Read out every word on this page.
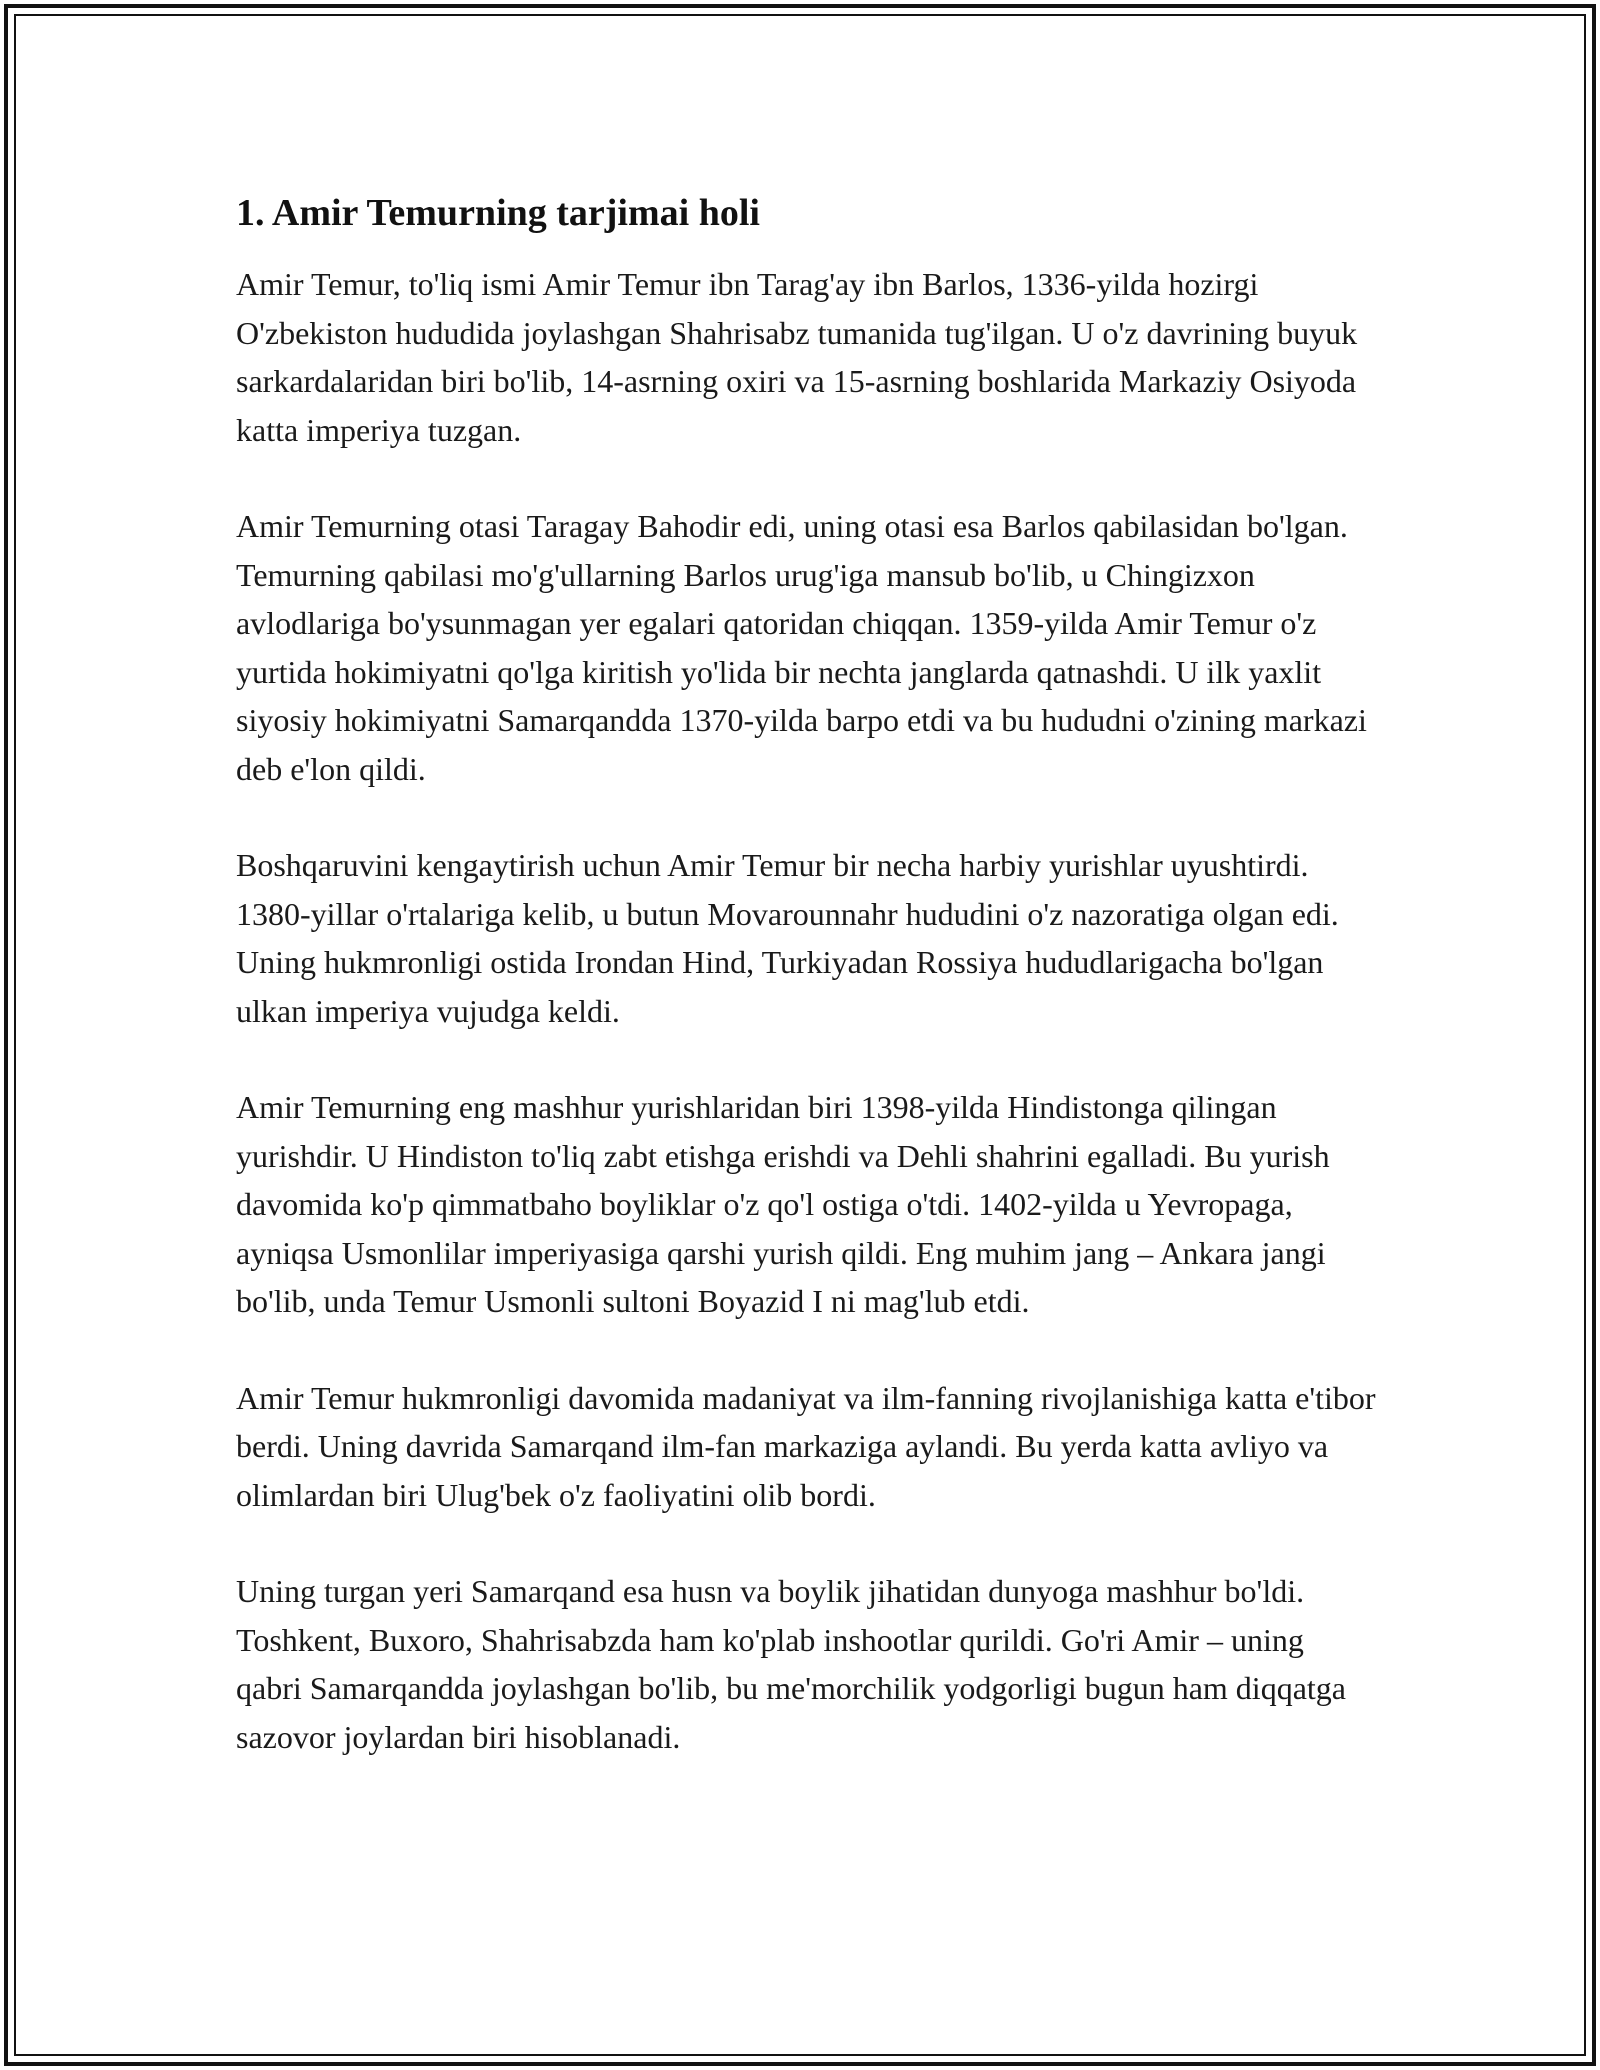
1. Amir Temurning tarjimai holi

Amir Temur, to'liq ismi Amir Temur ibn Tarag'ay ibn Barlos, 1336-yilda hozirgi O'zbekiston hududida joylashgan Shahrisabz tumanida tug'ilgan. U o'z davrining buyuk sarkardalaridan biri bo'lib, 14-asrning oxiri va 15-asrning boshlarida Markaziy Osiyoda katta imperiya tuzgan.

Amir Temurning otasi Taragay Bahodir edi, uning otasi esa Barlos qabilasidan bo'lgan. Temurning qabilasi mo'g'ullarning Barlos urug'iga mansub bo'lib, u Chingizxon avlodlariga bo'ysunmagan yer egalari qatoridan chiqqan. 1359-yilda Amir Temur o'z yurtida hokimiyatni qo'lga kiritish yo'lida bir nechta janglarda qatnashdi. U ilk yaxlit siyosiy hokimiyatni Samarqandda 1370-yilda barpo etdi va bu hududni o'zining markazi deb e'lon qildi.

Boshqaruvini kengaytirish uchun Amir Temur bir necha harbiy yurishlar uyushtirdi. 1380-yillar o'rtalariga kelib, u butun Movarounnahr hududini o'z nazoratiga olgan edi. Uning hukmronligi ostida Irondan Hind, Turkiyadan Rossiya hududlarigacha bo'lgan ulkan imperiya vujudga keldi.

Amir Temurning eng mashhur yurishlaridan biri 1398-yilda Hindistonga qilingan yurishdir. U Hindiston to'liq zabt etishga erishdi va Dehli shahrini egalladi. Bu yurish davomida ko'p qimmatbaho boyliklar o'z qo'l ostiga o'tdi. 1402-yilda u Yevropaga, ayniqsa Usmonlilar imperiyasiga qarshi yurish qildi. Eng muhim jang – Ankara jangi bo'lib, unda Temur Usmonli sultoni Boyazid I ni mag'lub etdi.

Amir Temur hukmronligi davomida madaniyat va ilm-fanning rivojlanishiga katta e'tibor berdi. Uning davrida Samarqand ilm-fan markaziga aylandi. Bu yerda katta avliyo va olimlardan biri Ulug'bek o'z faoliyatini olib bordi.

Uning turgan yeri Samarqand esa husn va boylik jihatidan dunyoga mashhur bo'ldi. Toshkent, Buxoro, Shahrisabzda ham ko'plab inshootlar qurildi. Go'ri Amir – uning qabri Samarqandda joylashgan bo'lib, bu me'morchilik yodgorligi bugun ham diqqatga sazovor joylardan biri hisoblanadi.
